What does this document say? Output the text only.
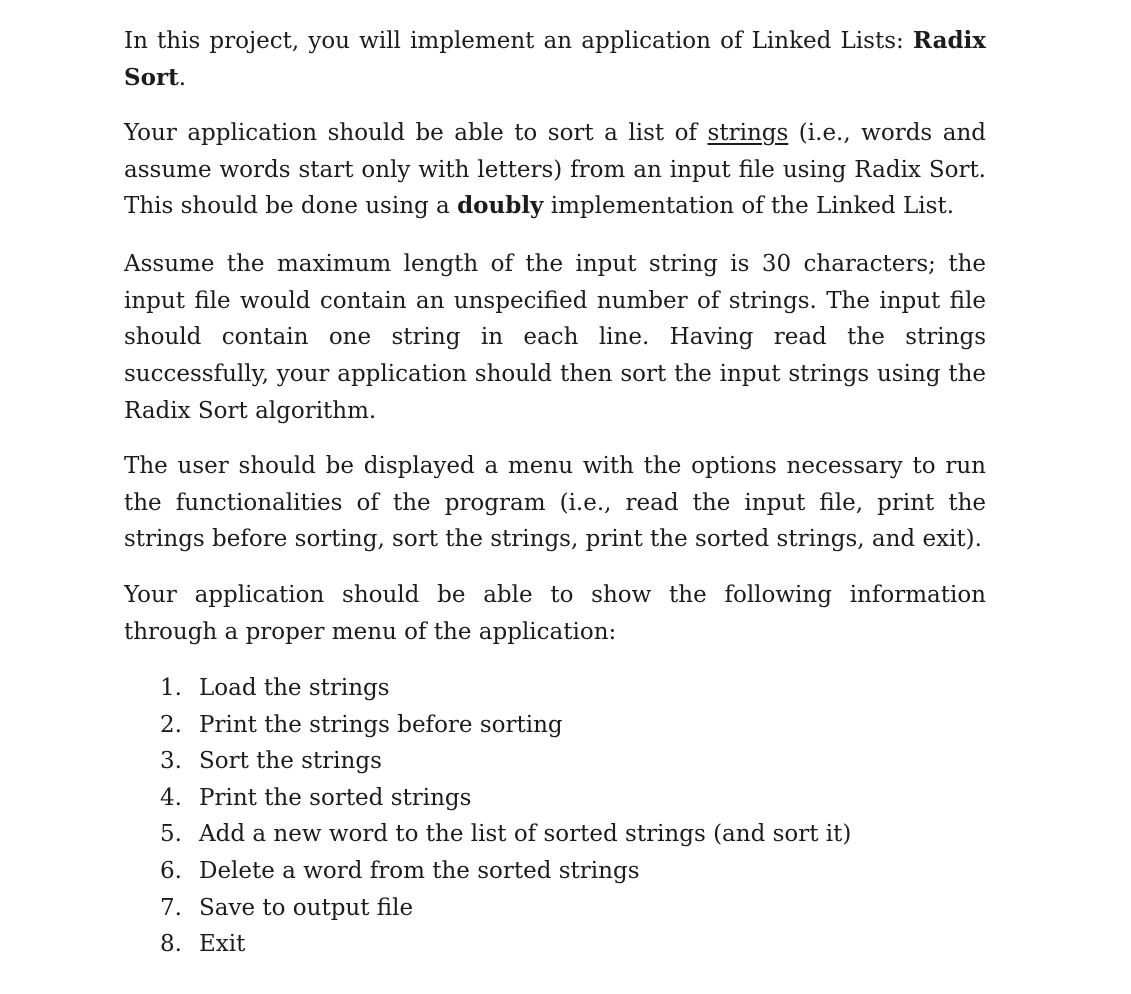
In this project, you will implement an application of Linked Lists: Radix Sort.

Your application should be able to sort a list of strings (i.e., words and assume words start only with letters) from an input file using Radix Sort. This should be done using a doubly implementation of the Linked List.

Assume the maximum length of the input string is 30 characters; the input file would contain an unspecified number of strings. The input file should contain one string in each line. Having read the strings successfully, your application should then sort the input strings using the Radix Sort algorithm.

The user should be displayed a menu with the options necessary to run the functionalities of the program (i.e., read the input file, print the strings before sorting, sort the strings, print the sorted strings, and exit).

Your application should be able to show the following information through a proper menu of the application:

1. Load the strings
2. Print the strings before sorting
3. Sort the strings
4. Print the sorted strings
5. Add a new word to the list of sorted strings (and sort it)
6. Delete a word from the sorted strings
7. Save to output file
8. Exit
